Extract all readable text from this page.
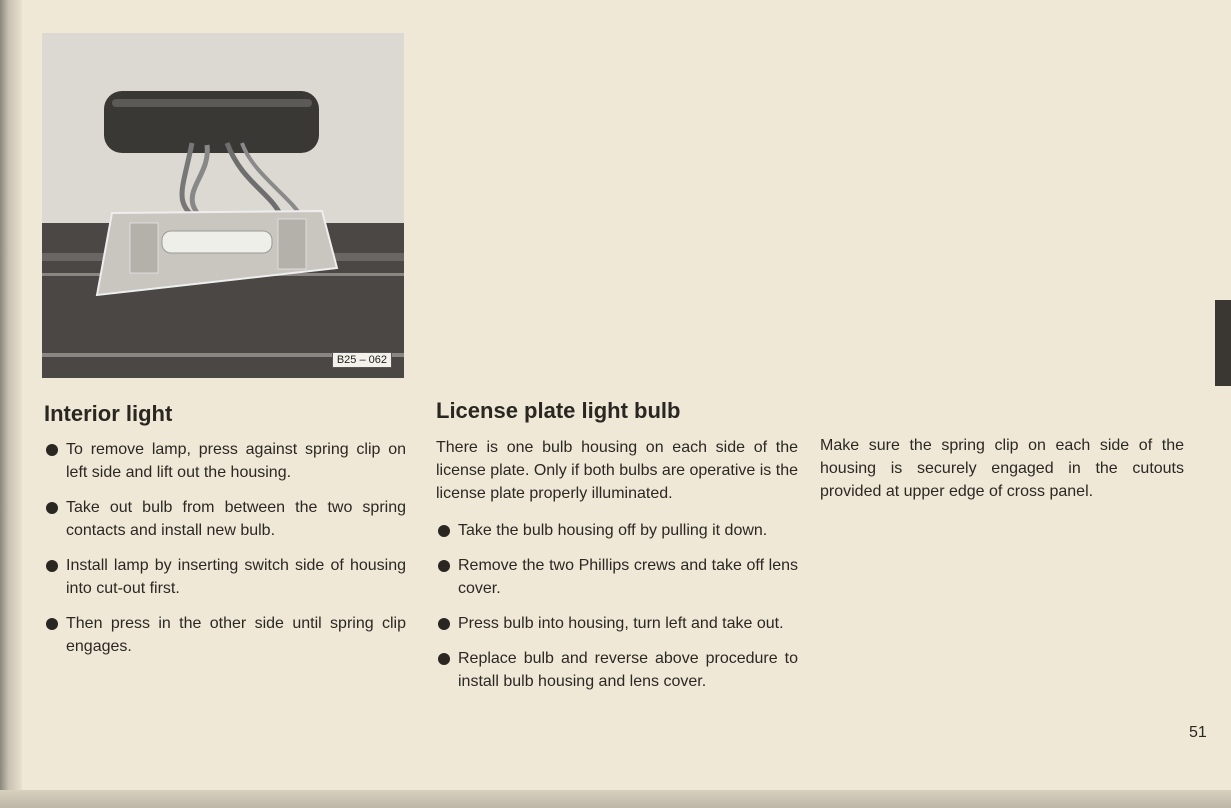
B25 – 062
Interior light
To remove lamp, press against spring clip on left side and lift out the housing.
Take out bulb from between the two spring contacts and install new bulb.
Install lamp by inserting switch side of housing into cut-out first.
Then press in the other side until spring clip engages.
License plate light bulb

There is one bulb housing on each side of the license plate. Only if both bulbs are operative is the license plate properly illuminated.

Take the bulb housing off by pulling it down.
Remove the two Phillips crews and take off lens cover.
Press bulb into housing, turn left and take out.
Replace bulb and reverse above procedure to install bulb housing and lens cover.

Make sure the spring clip on each side of the housing is securely engaged in the cutouts provided at upper edge of cross panel.

51
